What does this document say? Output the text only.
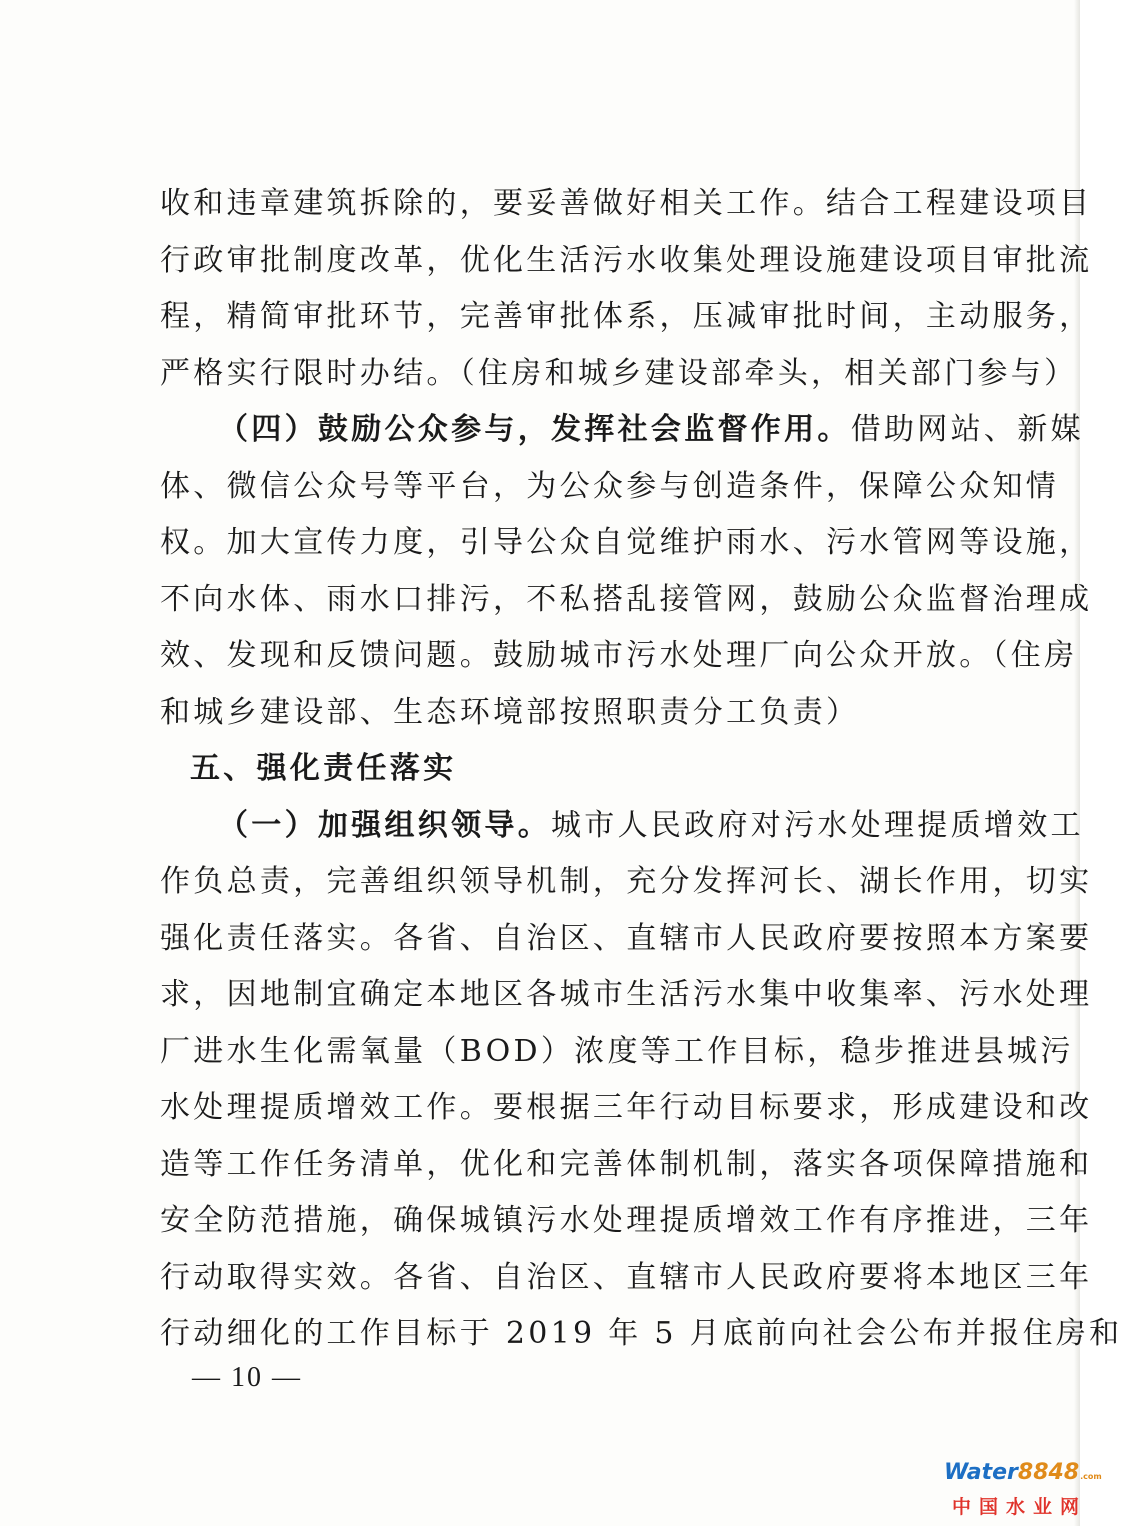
收和违章建筑拆除的，要妥善做好相关工作。结合工程建设项目
行政审批制度改革，优化生活污水收集处理设施建设项目审批流
程，精简审批环节，完善审批体系，压减审批时间，主动服务，
严格实行限时办结。（住房和城乡建设部牵头，相关部门参与）
（四）鼓励公众参与，发挥社会监督作用。借助网站、新媒
体、微信公众号等平台，为公众参与创造条件，保障公众知情
权。加大宣传力度，引导公众自觉维护雨水、污水管网等设施，
不向水体、雨水口排污，不私搭乱接管网，鼓励公众监督治理成
效、发现和反馈问题。鼓励城市污水处理厂向公众开放。（住房
和城乡建设部、生态环境部按照职责分工负责）
五、强化责任落实
（一）加强组织领导。城市人民政府对污水处理提质增效工
作负总责，完善组织领导机制，充分发挥河长、湖长作用，切实
强化责任落实。各省、自治区、直辖市人民政府要按照本方案要
求，因地制宜确定本地区各城市生活污水集中收集率、污水处理
厂进水生化需氧量（BOD）浓度等工作目标，稳步推进县城污
水处理提质增效工作。要根据三年行动目标要求，形成建设和改
造等工作任务清单，优化和完善体制机制，落实各项保障措施和
安全防范措施，确保城镇污水处理提质增效工作有序推进，三年
行动取得实效。各省、自治区、直辖市人民政府要将本地区三年
行动细化的工作目标于 2019 年 5 月底前向社会公布并报住房和
— 10 —
Water8848.com
中国水业网
